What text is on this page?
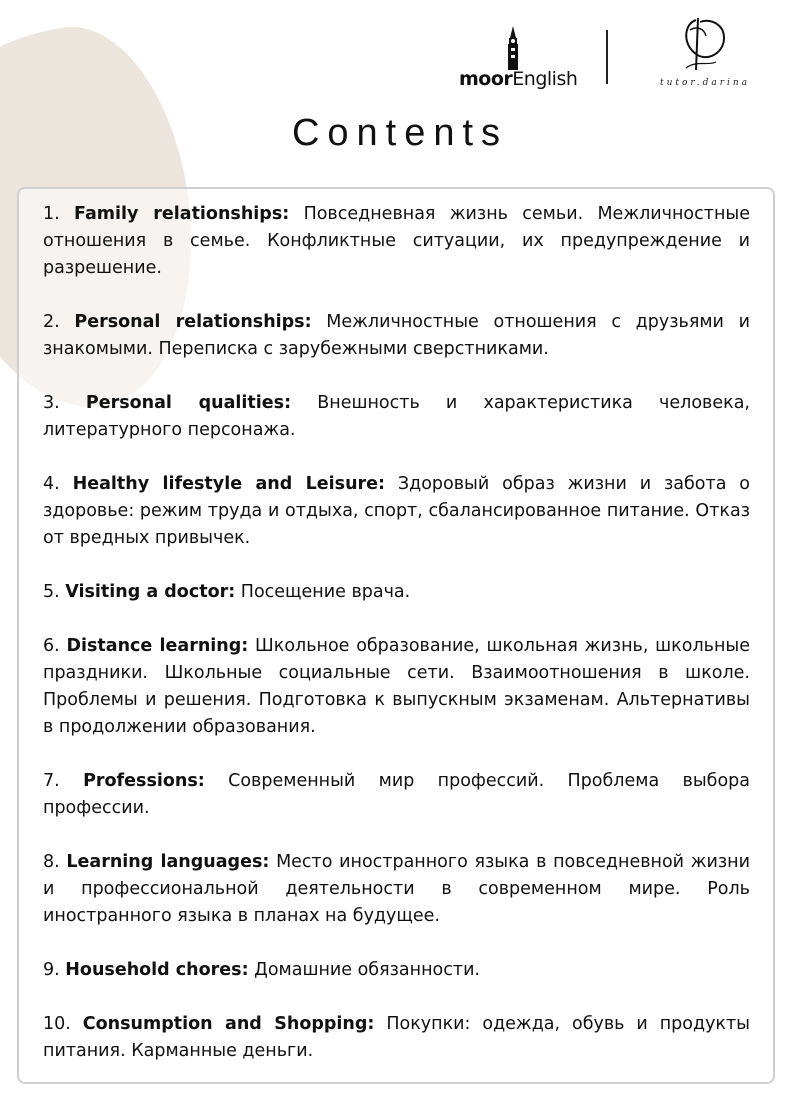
moorEnglish	tutor.darina
Contents
1. Family relationships: Повседневная жизнь семьи. Межличностные отношения в семье. Конфликтные ситуации, их предупреждение и разрешение.
2. Personal relationships: Межличностные отношения с друзьями и знакомыми. Переписка с зарубежными сверстниками.
3. Personal qualities: Внешность и характеристика человека, литературного персонажа.
4. Healthy lifestyle and Leisure: Здоровый образ жизни и забота о здоровье: режим труда и отдыха, спорт, сбалансированное питание. Отказ от вредных привычек.
5. Visiting a doctor: Посещение врача.
6. Distance learning: Школьное образование, школьная жизнь, школьные праздники. Школьные социальные сети. Взаимоотношения в школе. Проблемы и решения. Подготовка к выпускным экзаменам. Альтернативы в продолжении образования.
7. Professions: Современный мир профессий. Проблема выбора профессии.
8. Learning languages: Место иностранного языка в повседневной жизни и профессиональной деятельности в современном мире. Роль иностранного языка в планах на будущее.
9. Household chores: Домашние обязанности.
10. Consumption and Shopping: Покупки: одежда, обувь и продукты питания. Карманные деньги.
